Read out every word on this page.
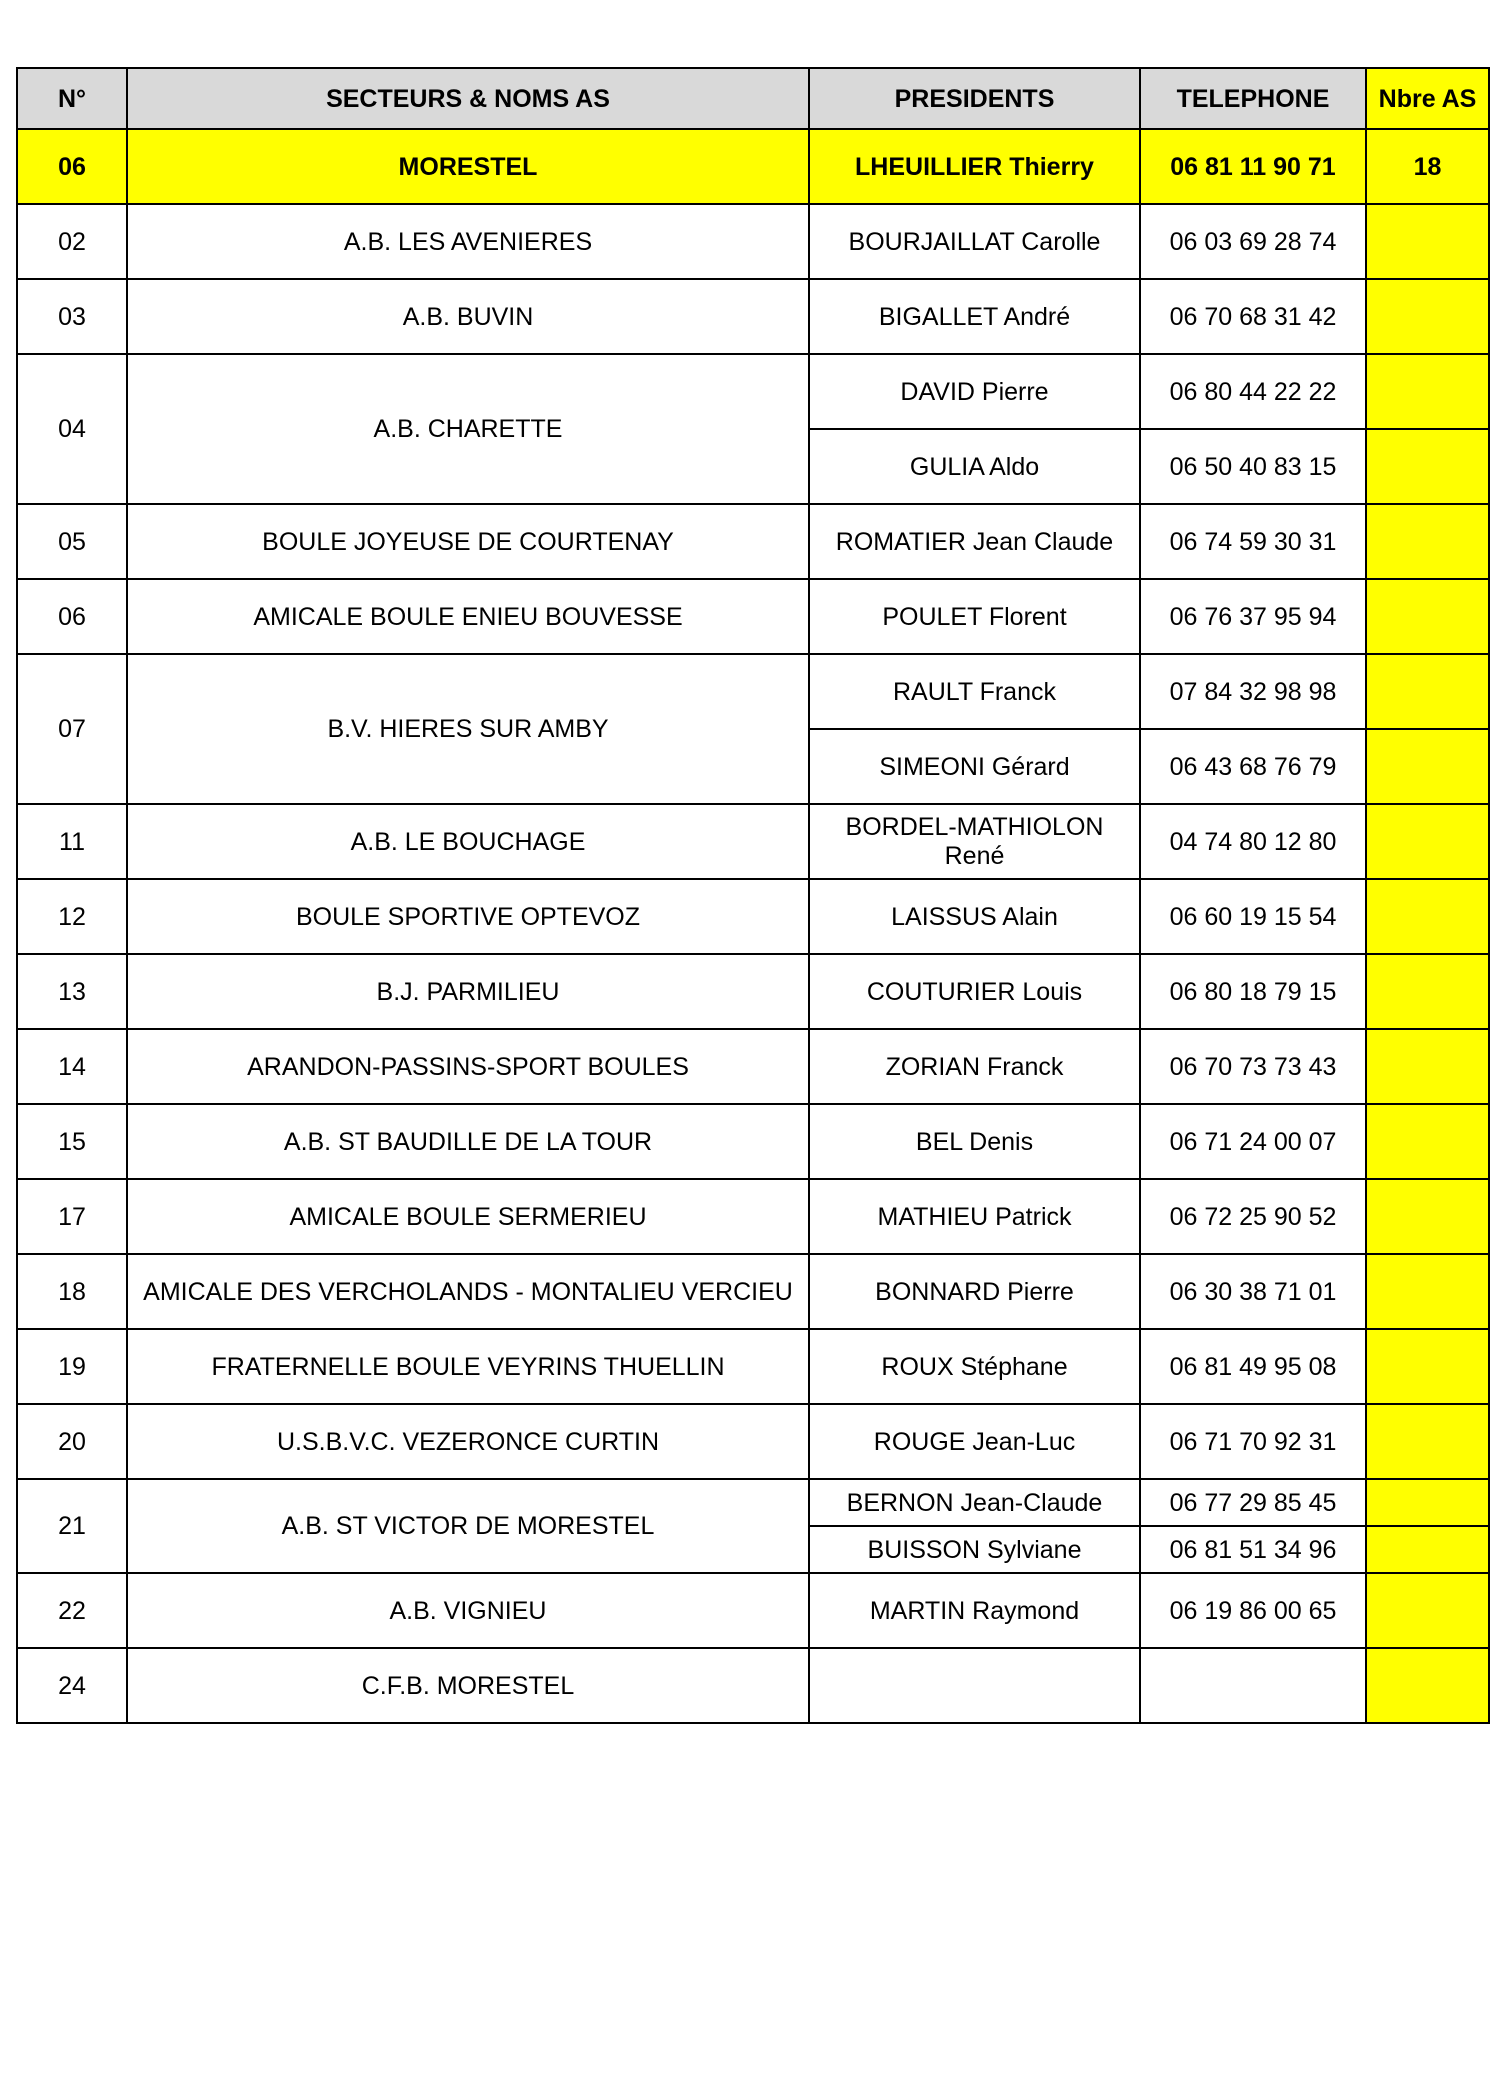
N°	SECTEURS & NOMS AS	PRESIDENTS	TELEPHONE	Nbre AS
06	MORESTEL	LHEUILLIER Thierry	06 81 11 90 71	18
02	A.B. LES AVENIERES	BOURJAILLAT Carolle	06 03 69 28 74	
03	A.B. BUVIN	BIGALLET André	06 70 68 31 42	
04	A.B. CHARETTE	DAVID Pierre	06 80 44 22 22	
		GULIA Aldo	06 50 40 83 15	
05	BOULE JOYEUSE DE COURTENAY	ROMATIER Jean Claude	06 74 59 30 31	
06	AMICALE BOULE ENIEU BOUVESSE	POULET Florent	06 76 37 95 94	
07	B.V. HIERES SUR AMBY	RAULT Franck	07 84 32 98 98	
		SIMEONI Gérard	06 43 68 76 79	
11	A.B. LE BOUCHAGE	BORDEL-MATHIOLON René	04 74 80 12 80	
12	BOULE SPORTIVE OPTEVOZ	LAISSUS Alain	06 60 19 15 54	
13	B.J. PARMILIEU	COUTURIER Louis	06 80 18 79 15	
14	ARANDON-PASSINS-SPORT BOULES	ZORIAN Franck	06 70 73 73 43	
15	A.B. ST BAUDILLE DE LA TOUR	BEL Denis	06 71 24 00 07	
17	AMICALE BOULE SERMERIEU	MATHIEU Patrick	06 72 25 90 52	
18	AMICALE DES VERCHOLANDS - MONTALIEU VERCIEU	BONNARD Pierre	06 30 38 71 01	
19	FRATERNELLE BOULE VEYRINS THUELLIN	ROUX Stéphane	06 81 49 95 08	
20	U.S.B.V.C. VEZERONCE CURTIN	ROUGE Jean-Luc	06 71 70 92 31	
21	A.B. ST VICTOR DE MORESTEL	BERNON Jean-Claude	06 77 29 85 45	
		BUISSON Sylviane	06 81 51 34 96	
22	A.B. VIGNIEU	MARTIN Raymond	06 19 86 00 65	
24	C.F.B. MORESTEL			
